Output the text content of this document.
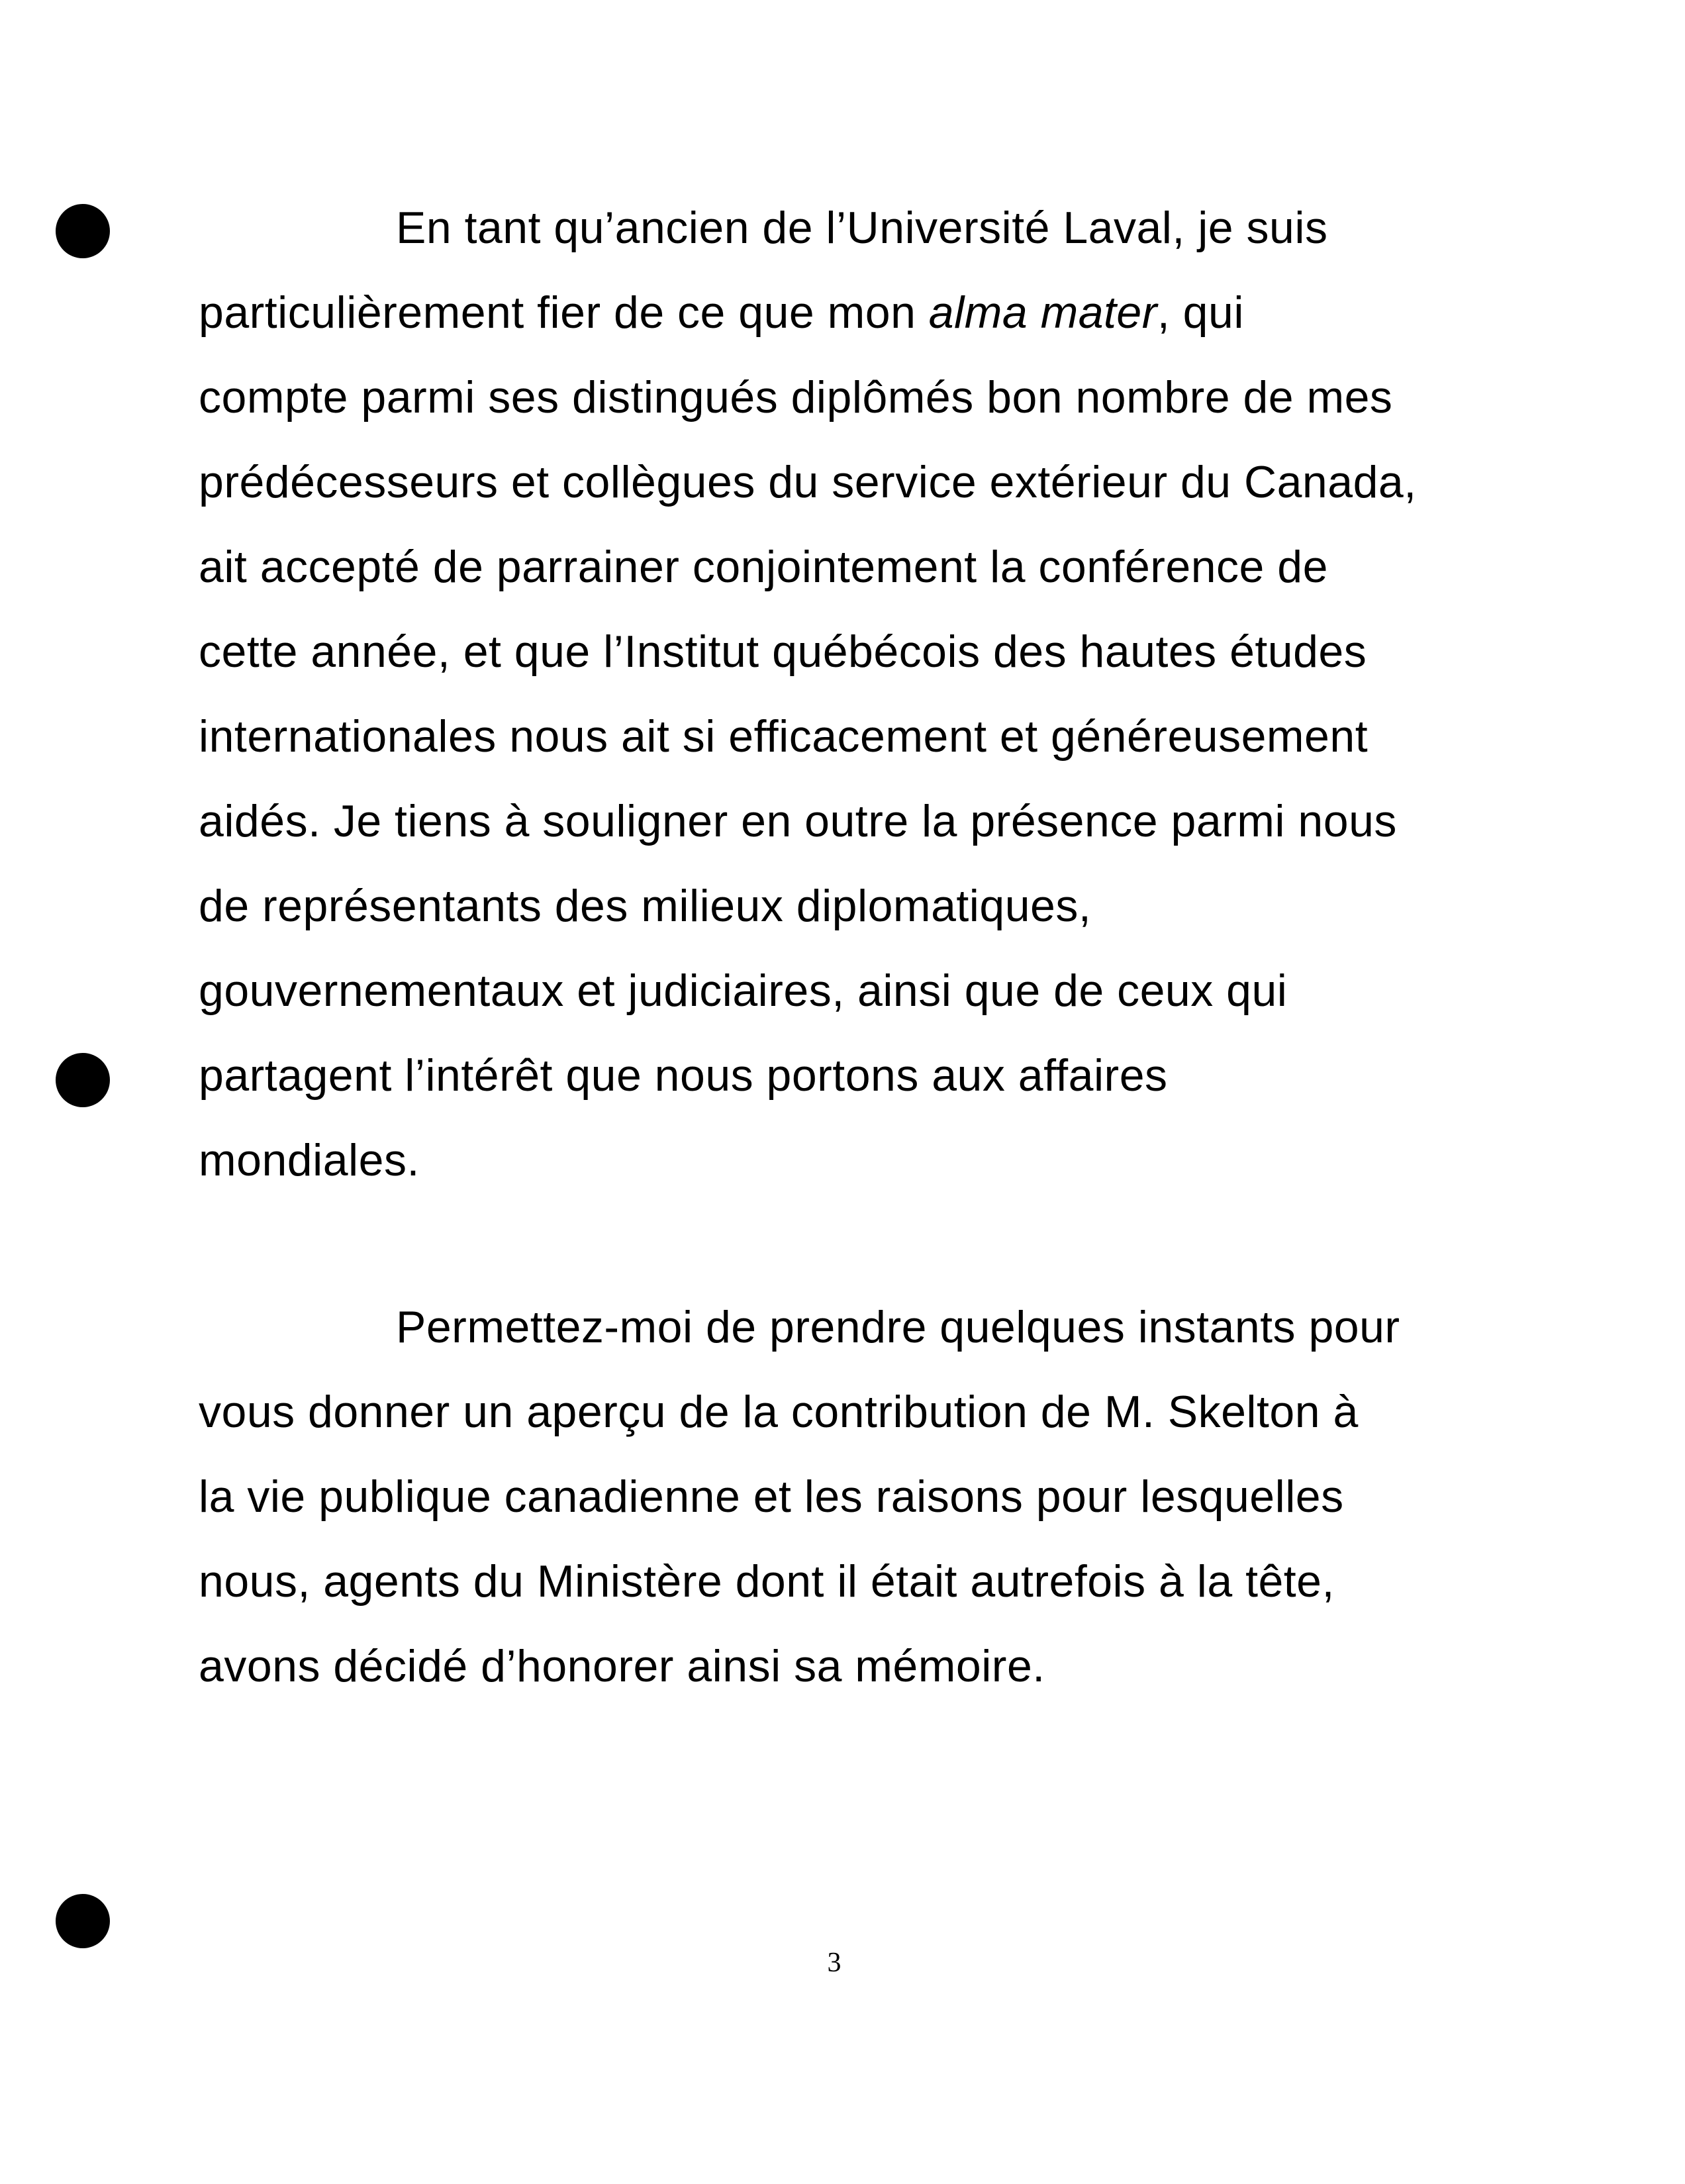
En tant qu’ancien de l’Université Laval, je suis
particulièrement fier de ce que mon alma mater, qui
compte parmi ses distingués diplômés bon nombre de mes
prédécesseurs et collègues du service extérieur du Canada,
ait accepté de parrainer conjointement la conférence de
cette année, et que l’Institut québécois des hautes études
internationales nous ait si efficacement et généreusement
aidés. Je tiens à souligner en outre la présence parmi nous
de représentants des milieux diplomatiques,
gouvernementaux et judiciaires, ainsi que de ceux qui
partagent l’intérêt que nous portons aux affaires
mondiales.
Permettez-moi de prendre quelques instants pour
vous donner un aperçu de la contribution de M. Skelton à
la vie publique canadienne et les raisons pour lesquelles
nous, agents du Ministère dont il était autrefois à la tête,
avons décidé d’honorer ainsi sa mémoire.
3
